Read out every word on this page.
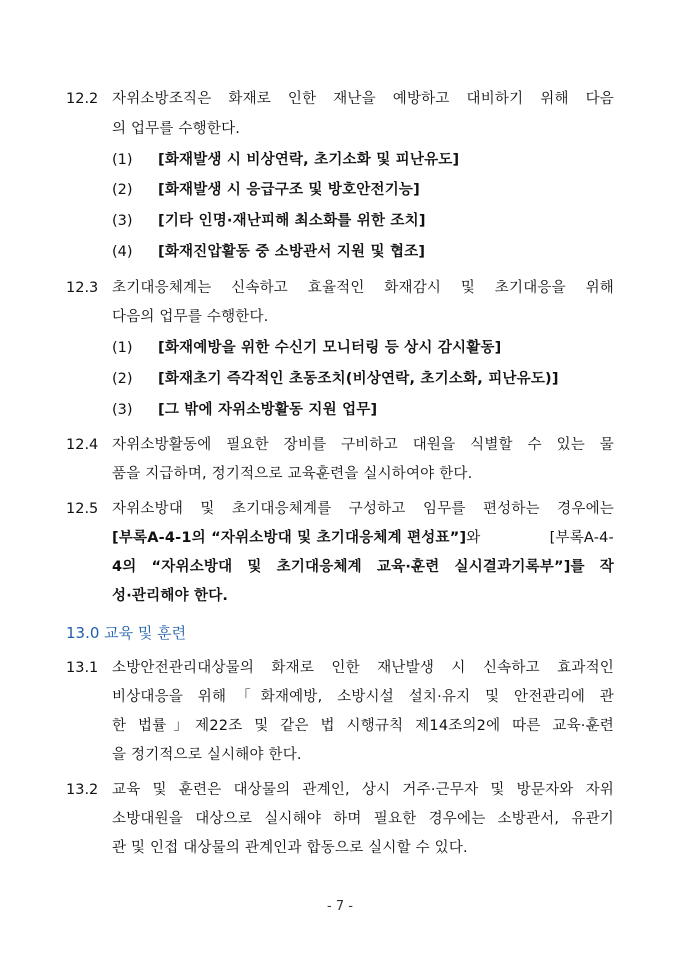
12.2 자위소방조직은 화재로 인한 재난을 예방하고 대비하기 위해 다음
의 업무를 수행한다.
(1) [화재발생 시 비상연락, 초기소화 및 피난유도]
(2) [화재발생 시 응급구조 및 방호안전기능]
(3) [기타 인명·재난피해 최소화를 위한 조치]
(4) [화재진압활동 중 소방관서 지원 및 협조]
12.3 초기대응체계는 신속하고 효율적인 화재감시 및 초기대응을 위해
다음의 업무를 수행한다.
(1) [화재예방을 위한 수신기 모니터링 등 상시 감시활동]
(2) [화재초기 즉각적인 초동조치(비상연락, 초기소화, 피난유도)]
(3) [그 밖에 자위소방활동 지원 업무]
12.4 자위소방활동에 필요한 장비를 구비하고 대원을 식별할 수 있는 물
품을 지급하며, 정기적으로 교육훈련을 실시하여야 한다.
12.5 자위소방대 및 초기대응체계를 구성하고 임무를 편성하는 경우에는
[부록A-4-1의 “자위소방대 및 초기대응체계 편성표”] 와	[부록A-4-
4의 “자위소방대 및 초기대응체계 교육·훈련 실시결과기록부”]를 작
성·관리해야 한다.
13.0 교육 및 훈련
13.1 소방안전관리대상물의 화재로 인한 재난발생 시 신속하고 효과적인
비상대응을 위해「화재예방, 소방시설 설치·유지 및 안전관리에 관
한 법률」제22조 및 같은 법 시행규칙 제14조의2에 따른 교육·훈련
을 정기적으로 실시해야 한다.
13.2 교육 및 훈련은 대상물의 관계인, 상시 거주·근무자 및 방문자와 자위
소방대원을 대상으로 실시해야 하며 필요한 경우에는 소방관서, 유관기
관 및 인접 대상물의 관계인과 합동으로 실시할 수 있다.
- 7 -
